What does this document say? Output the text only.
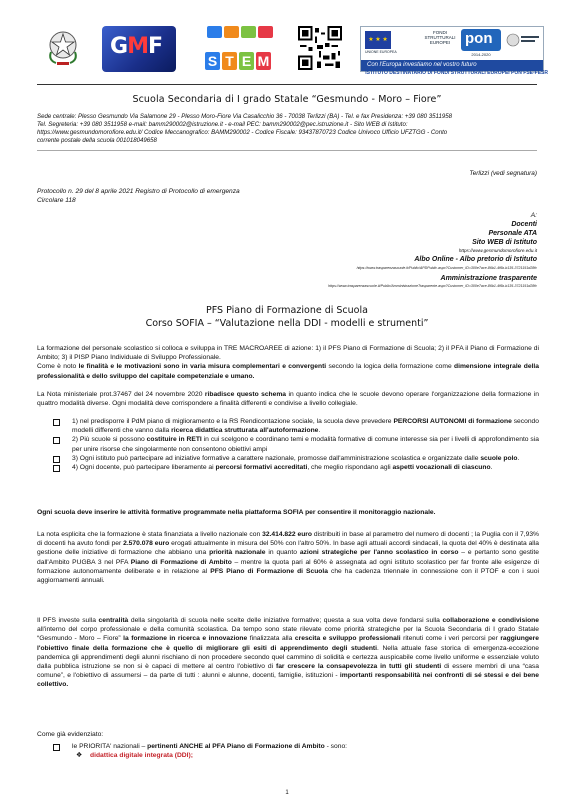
GMF
S T E M
★ ★ ★
UNIONE EUROPEA
FONDI STRUTTURALI EUROPEI pon
2014-2020
Con l'Europa investiamo nel vostro futuro
ISTITUTO DESTINATARIO DI FONDI STRUTTURALI EUROPEI PON FSE-FESR
Scuola Secondaria di I grado Statale “Gesmundo - Moro – Fiore”
Sede centrale: Plesso Gesmundo Via Salamone 29 - Plesso Moro-Fiore Via Casalicchio 36 - 70038 Terlizzi (BA) - Tel. e fax Presidenza: +39 080 3511958
Tel. Segreteria: +39 080 3511958 e-mail: bamm290002@istruzione.it - e-mail PEC: bamm290002@pec.istruzione.it - Sito WEB di Istituto:
https://www.gesmundomorofiore.edu.it/ Codice Meccanografico: BAMM290002 - Codice Fiscale: 93437870723 Codice Univoco Ufficio UFZTGG - Conto
corrente postale della scuola 001018049658
Terlizzi (vedi segnatura)
Protocollo n. 29 del 8 aprile 2021 Registro di Protocollo di emergenza
Circolare 118
A:
Docenti
Personale ATA
Sito WEB di Istituto
https://www.gesmundomorofiore.edu.it
Albo Online - Albo pretorio di Istituto
https://www.trasparenzascuole.it/Public/APDPublic.aspx?Customer_ID=300e7ace-86b1-4f6b-b135-3721151d28fc
Amministrazione trasparente
https://www.trasparenzascuole.it/Public/AmministrazioneTrasparente.aspx?Customer_ID=300e7ace-86b1-4f6b-b135-3721151d28fc
PFS Piano di Formazione di Scuola
Corso SOFIA – “Valutazione nella DDI - modelli e strumenti”
La formazione del personale scolastico si colloca e sviluppa in TRE MACROAREE di azione: 1) il PFS Piano di Formazione di Scuola; 2) il PFA il Piano di Formazione di Ambito; 3) il PISP Piano Individuale di Sviluppo Professionale.
Come è noto le finalità e le motivazioni sono in varia misura complementari e convergenti secondo la logica della formazione come dimensione integrale della professionalità e dello sviluppo del capitale competenziale e umano.
La Nota ministeriale prot.37467 del 24 novembre 2020 ribadisce questo schema in quanto indica che le scuole devono operare l'organizzazione della formazione in quattro modalità diverse. Ogni modalità deve corrispondere a finalità differenti e condivise a livello collegiale.
1) nel predisporre il PdM piano di miglioramento e la RS Rendicontazione sociale, la scuola deve prevedere PERCORSI AUTONOMI di formazione secondo modelli differenti che vanno dalla ricerca didattica strutturata all'autoformazione.
2) Più scuole si possono costituire in RETI in cui scelgono e coordinano temi e modalità formative di comune interesse sia per i livelli di approfondimento sia per unire risorse che singolarmente non consentono obiettivi ampi
3) Ogni istituto può partecipare ad iniziative formative a carattere nazionale, promosse dall'amministrazione scolastica e organizzate dalle scuole polo.
4) Ogni docente, può partecipare liberamente ai percorsi formativi accreditati, che meglio rispondano agli aspetti vocazionali di ciascuno.
Ogni scuola deve inserire le attività formative programmate nella piattaforma SOFIA per consentire il monitoraggio nazionale.
La nota esplicita che la formazione è stata finanziata a livello nazionale con 32.414.822 euro distribuiti in base al parametro del numero di docenti ; la Puglia con il 7,93% di docenti ha avuto fondi per 2.570.078 euro erogati attualmente in misura del 50% con l'altro 50%. In base agli attuali accordi sindacali, la quota del 40% è destinata alla gestione delle iniziative di formazione che abbiano una priorità nazionale in quanto azioni strategiche per l'anno scolastico in corso – e pertanto sono gestite dall'Ambito PUGBA 3 nel PFA Piano di Formazione di Ambito – mentre la quota pari al 60% è assegnata ad ogni istituto scolastico per far fronte alle esigenze di formazione autonomamente deliberate e in relazione al PFS Piano di Formazione di Scuola che ha cadenza triennale in connessione con il PTOF e con i suoi aggiornamenti annuali.
Il PFS investe sulla centralità della singolarità di scuola nelle scelte delle iniziative formative; questa a sua volta deve fondarsi sulla collaborazione e condivisione all'interno del corpo professionale e della comunità scolastica. Da tempo sono state rilevate come priorità strategiche per la Scuola Secondaria di I grado Statale “Gesmundo - Moro – Fiore” la formazione in ricerca e innovazione finalizzata alla crescita e sviluppo professionali ritenuti come i veri percorsi per raggiungere l'obiettivo finale della formazione che è quello di migliorare gli esiti di apprendimento degli studenti. Nella attuale fase storica di emergenza-eccezione pandemica gli apprendimenti degli alunni rischiano di non procedere secondo quel cammino di solidità e certezza auspicabile come livello uniforme e essenziale voluto dalla pubblica istruzione se non si è capaci di mettere al centro l'obiettivo di far crescere la consapevolezza in tutti gli studenti di essere membri di una “casa comune”, e l'obiettivo di assumersi – da parte di tutti : alunni e alunne, docenti, famiglie, istituzioni - importanti responsabilità nei confronti di sé stessi e dei bene collettivo.
Come già evidenziato:
le PRIORITA' nazionali – pertinenti ANCHE al PFA Piano di Formazione di Ambito - sono:
❖ didattica digitale integrata (DDI);
1
